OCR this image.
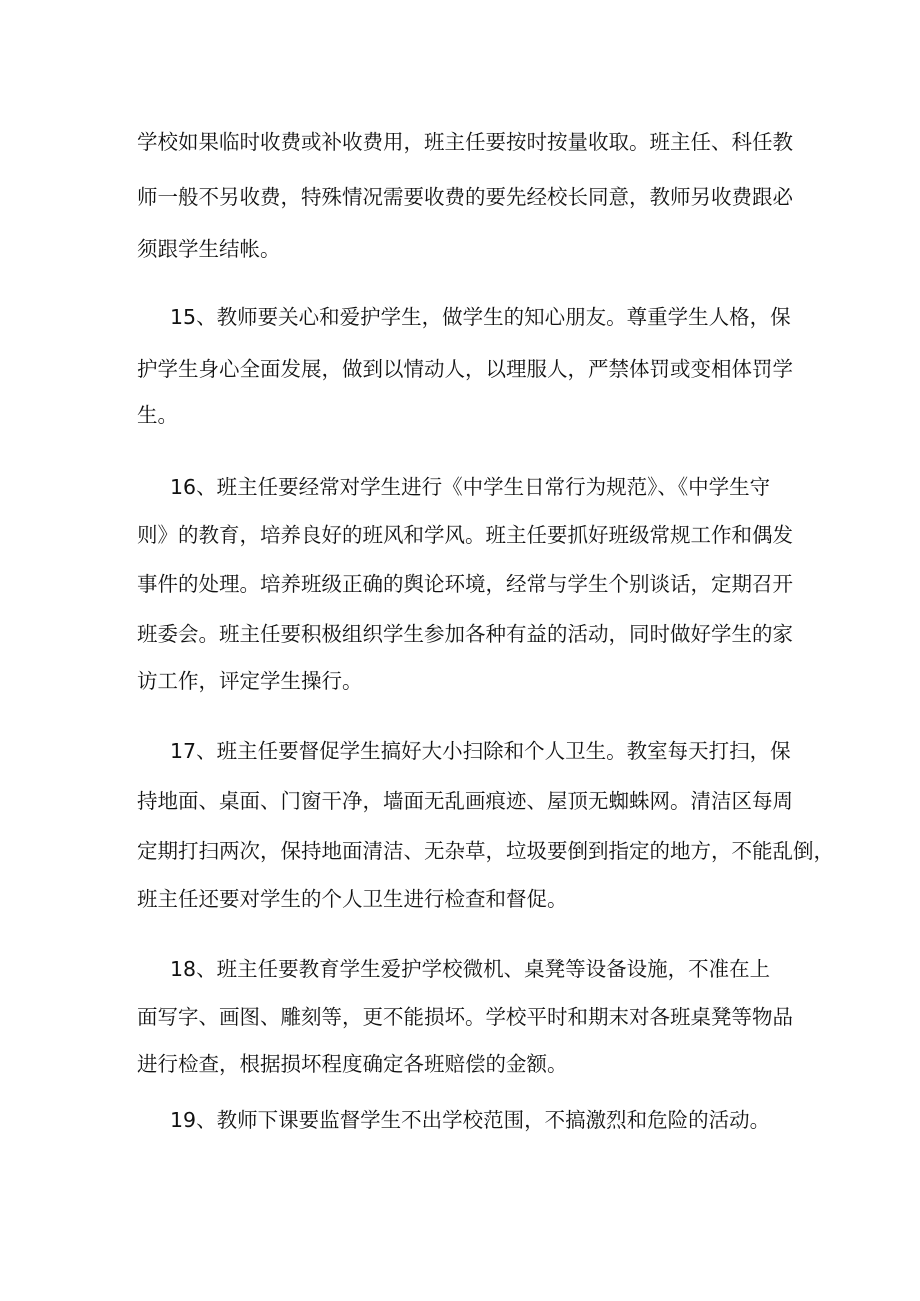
学校如果临时收费或补收费用，班主任要按时按量收取。班主任、科任教
师一般不另收费，特殊情况需要收费的要先经校长同意，教师另收费跟必
须跟学生结帐。
15、教师要关心和爱护学生，做学生的知心朋友。尊重学生人格，保
护学生身心全面发展，做到以情动人，以理服人，严禁体罚或变相体罚学
生。
16、班主任要经常对学生进行《中学生日常行为规范》、《中学生守
则》的教育，培养良好的班风和学风。班主任要抓好班级常规工作和偶发
事件的处理。培养班级正确的舆论环境，经常与学生个别谈话，定期召开
班委会。班主任要积极组织学生参加各种有益的活动，同时做好学生的家
访工作，评定学生操行。
17、班主任要督促学生搞好大小扫除和个人卫生。教室每天打扫，保
持地面、桌面、门窗干净，墙面无乱画痕迹、屋顶无蜘蛛网。清洁区每周
定期打扫两次，保持地面清洁、无杂草，垃圾要倒到指定的地方，不能乱倒，
班主任还要对学生的个人卫生进行检查和督促。
18、班主任要教育学生爱护学校微机、桌凳等设备设施，不准在上
面写字、画图、雕刻等，更不能损坏。学校平时和期末对各班桌凳等物品
进行检查，根据损坏程度确定各班赔偿的金额。
19、教师下课要监督学生不出学校范围，不搞激烈和危险的活动。
